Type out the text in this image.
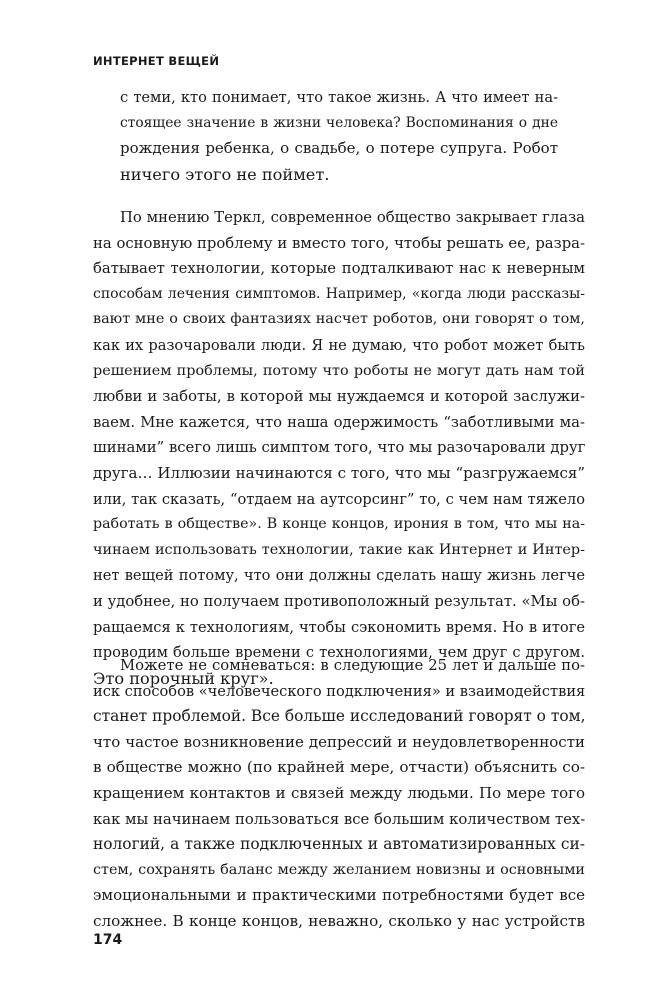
ИНТЕРНЕТ ВЕЩЕЙ
с теми, кто понимает, что такое жизнь. А что имеет на-
стоящее значение в жизни человека? Воспоминания о дне
рождения ребенка, о свадьбе, о потере супруга. Робот
ничего этого не поймет.
По мнению Теркл, современное общество закрывает глаза
на основную проблему и вместо того, чтобы решать ее, разра-
батывает технологии, которые подталкивают нас к неверным
способам лечения симптомов. Например, «когда люди рассказы-
вают мне о своих фантазиях насчет роботов, они говорят о том,
как их разочаровали люди. Я не думаю, что робот может быть
решением проблемы, потому что роботы не могут дать нам той
любви и заботы, в которой мы нуждаемся и которой заслужи-
ваем. Мне кажется, что наша одержимость “заботливыми ма-
шинами” всего лишь симптом того, что мы разочаровали друг
друга… Иллюзии начинаются с того, что мы “разгружаемся”
или, так сказать, “отдаем на аутсорсинг” то, с чем нам тяжело
работать в обществе». В конце концов, ирония в том, что мы на-
чинаем использовать технологии, такие как Интернет и Интер-
нет вещей потому, что они должны сделать нашу жизнь легче
и удобнее, но получаем противоположный результат. «Мы об-
ращаемся к технологиям, чтобы сэкономить время. Но в итоге
проводим больше времени с технологиями, чем друг с другом.
Это порочный круг».
Можете не сомневаться: в следующие 25 лет и дальше по-
иск способов «человеческого подключения» и взаимодействия
станет проблемой. Все больше исследований говорят о том,
что частое возникновение депрессий и неудовлетворенности
в обществе можно (по крайней мере, отчасти) объяснить со-
кращением контактов и связей между людьми. По мере того
как мы начинаем пользоваться все большим количеством тех-
нологий, а также подключенных и автоматизированных си-
стем, сохранять баланс между желанием новизны и основными
эмоциональными и практическими потребностями будет все
сложнее. В конце концов, неважно, сколько у нас устройств
174
